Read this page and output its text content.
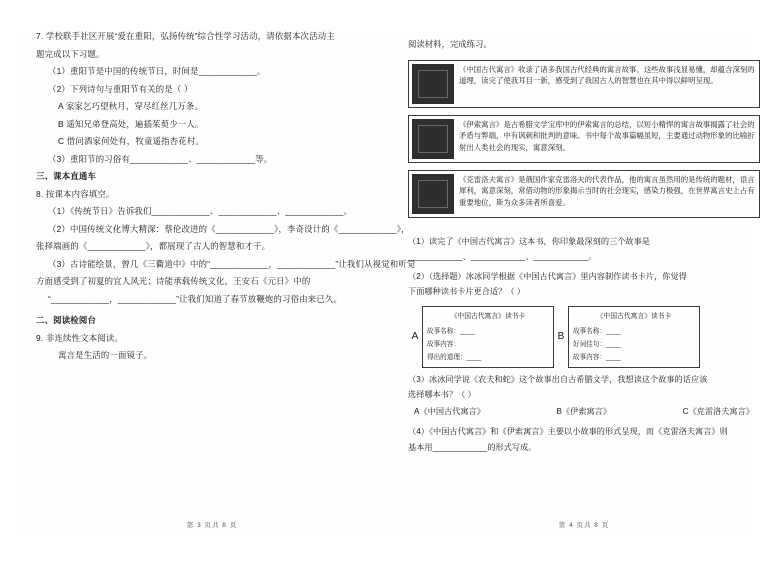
7. 学校联手社区开展“爱在重阳，弘扬传统”综合性学习活动，请依据本次活动主

题完成以下习题。

（1）重阳节是中国的传统节日，时间是____________。

（2）下列诗句与重阳节有关的是（ ）

A 家家乞巧望秋月，穿尽红丝几万条。

B 遥知兄弟登高处，遍插茱萸少一人。

C 借问酒家何处有，牧童遥指杏花村。

（3）重阳节的习俗有____________、____________等。

三、课本直通车

8. 按课本内容填空。

（1）《传统节日》告诉我们____________、____________、____________。

（2）中国传统文化博大精深：蔡伦改进的《____________》，李奇设计的《____________》，

张择端画的《____________》，都展现了古人的智慧和才干。

（3）古诗能绘景，曾几《三衢道中》中的“____________，____________”让我们从视觉和听觉

方面感受到了初夏的宜人风光；诗能承载传统文化，王安石《元日》中的

“____________，____________”让我们知道了春节放鞭炮的习俗由来已久。

二、阅读检阅台

9. 非连续性文本阅读。

寓言是生活的一面镜子。

第 3 页共 8 页

阅读材料，完成练习。

《中国古代寓言》收录了诸多我国古代经典的寓言故事。这些故事浅显易懂，却蕴含深刻的道理，读完了使我耳目一新，感受到了我国古人的智慧也在其中得以鲜明呈现。
《伊索寓言》是古希腊文学宝库中的伊索寓言的总结，以短小精悍的寓言故事揭露了社会的矛盾与弊端，中有讽刺和批判的意味。书中每个故事篇幅虽短，主要通过动物形象的比喻折射出人类社会的现实，寓意深刻。
《克雷洛夫寓言》是俄国作家克雷洛夫的代表作品，他的寓言虽然用的是传统的题材，语言犀利，寓意深刻，常借动物的形象揭示当时的社会现实，感染力极强，在世界寓言史上占有重要地位，斯为众多读者所喜爱。

（1）读完了《中国古代寓言》这本书，你印象最深刻的三个故事是

____________、____________、____________。

（2）（选择题）冰冰同学根据《中国古代寓言》里内容制作读书卡片，你觉得

下面哪种读书卡片更合适？（ ）

A
《中国古代寓言》读书卡
故事名称：____
故事内容：
得出的道理：____
B
《中国古代寓言》读书卡
故事名称：____
好词佳句：____
故事内容：____

（3）冰冰同学说《农夫和蛇》这个故事出自古希腊文学，我想读这个故事的话应该

选择哪本书？（ ）

A《中国古代寓言》	B《伊索寓言》	C《克雷洛夫寓言》

（4）《中国古代寓言》和《伊索寓言》主要以小故事的形式呈现，而《克雷洛夫寓言》则

基本用____________的形式写成。

第 4 页共 8 页
